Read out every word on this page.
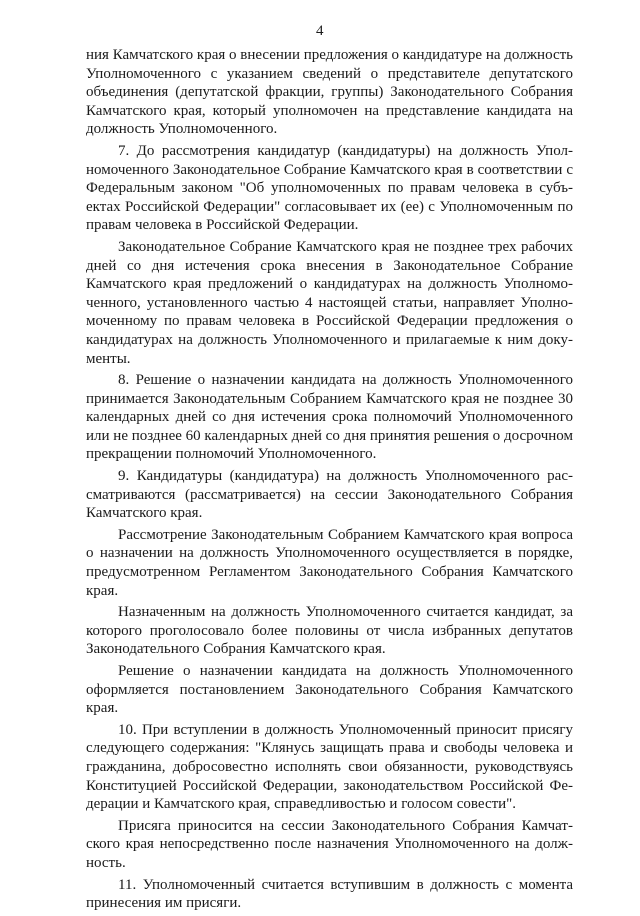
4

ния Камчатского края о внесении предложения о кандидатуре на должность Уполномоченного с указанием сведений о представителе депутатского объединения (депутатской фракции, группы) Законодательного Собрания Камчатского края, который уполномочен на представление кандидата на должность Уполномоченного.

7. До рассмотрения кандидатур (кандидатуры) на должность Уполномоченного Законодательное Собрание Камчатского края в соответствии с Федеральным законом "Об уполномоченных по правам человека в субъектах Российской Федерации" согласовывает их (ее) с Уполномоченным по правам человека в Российской Федерации.

Законодательное Собрание Камчатского края не позднее трех рабочих дней со дня истечения срока внесения в Законодательное Собрание Камчатского края предложений о кандидатурах на должность Уполномоченного, установленного частью 4 настоящей статьи, направляет Уполномоченному по правам человека в Российской Федерации предложения о кандидатурах на должность Уполномоченного и прилагаемые к ним документы.

8. Решение о назначении кандидата на должность Уполномоченного принимается Законодательным Собранием Камчатского края не позднее 30 календарных дней со дня истечения срока полномочий Уполномоченного или не позднее 60 календарных дней со дня принятия решения о досрочном прекращении полномочий Уполномоченного.

9. Кандидатуры (кандидатура) на должность Уполномоченного рассматриваются (рассматривается) на сессии Законодательного Собрания Камчатского края.

Рассмотрение Законодательным Собранием Камчатского края вопроса о назначении на должность Уполномоченного осуществляется в порядке, предусмотренном Регламентом Законодательного Собрания Камчатского края.

Назначенным на должность Уполномоченного считается кандидат, за которого проголосовало более половины от числа избранных депутатов Законодательного Собрания Камчатского края.

Решение о назначении кандидата на должность Уполномоченного оформляется постановлением Законодательного Собрания Камчатского края.

10. При вступлении в должность Уполномоченный приносит присягу следующего содержания: "Клянусь защищать права и свободы человека и гражданина, добросовестно исполнять свои обязанности, руководствуясь Конституцией Российской Федерации, законодательством Российской Федерации и Камчатского края, справедливостью и голосом совести".

Присяга приносится на сессии Законодательного Собрания Камчатского края непосредственно после назначения Уполномоченного на должность.

11. Уполномоченный считается вступившим в должность с момента принесения им присяги.
